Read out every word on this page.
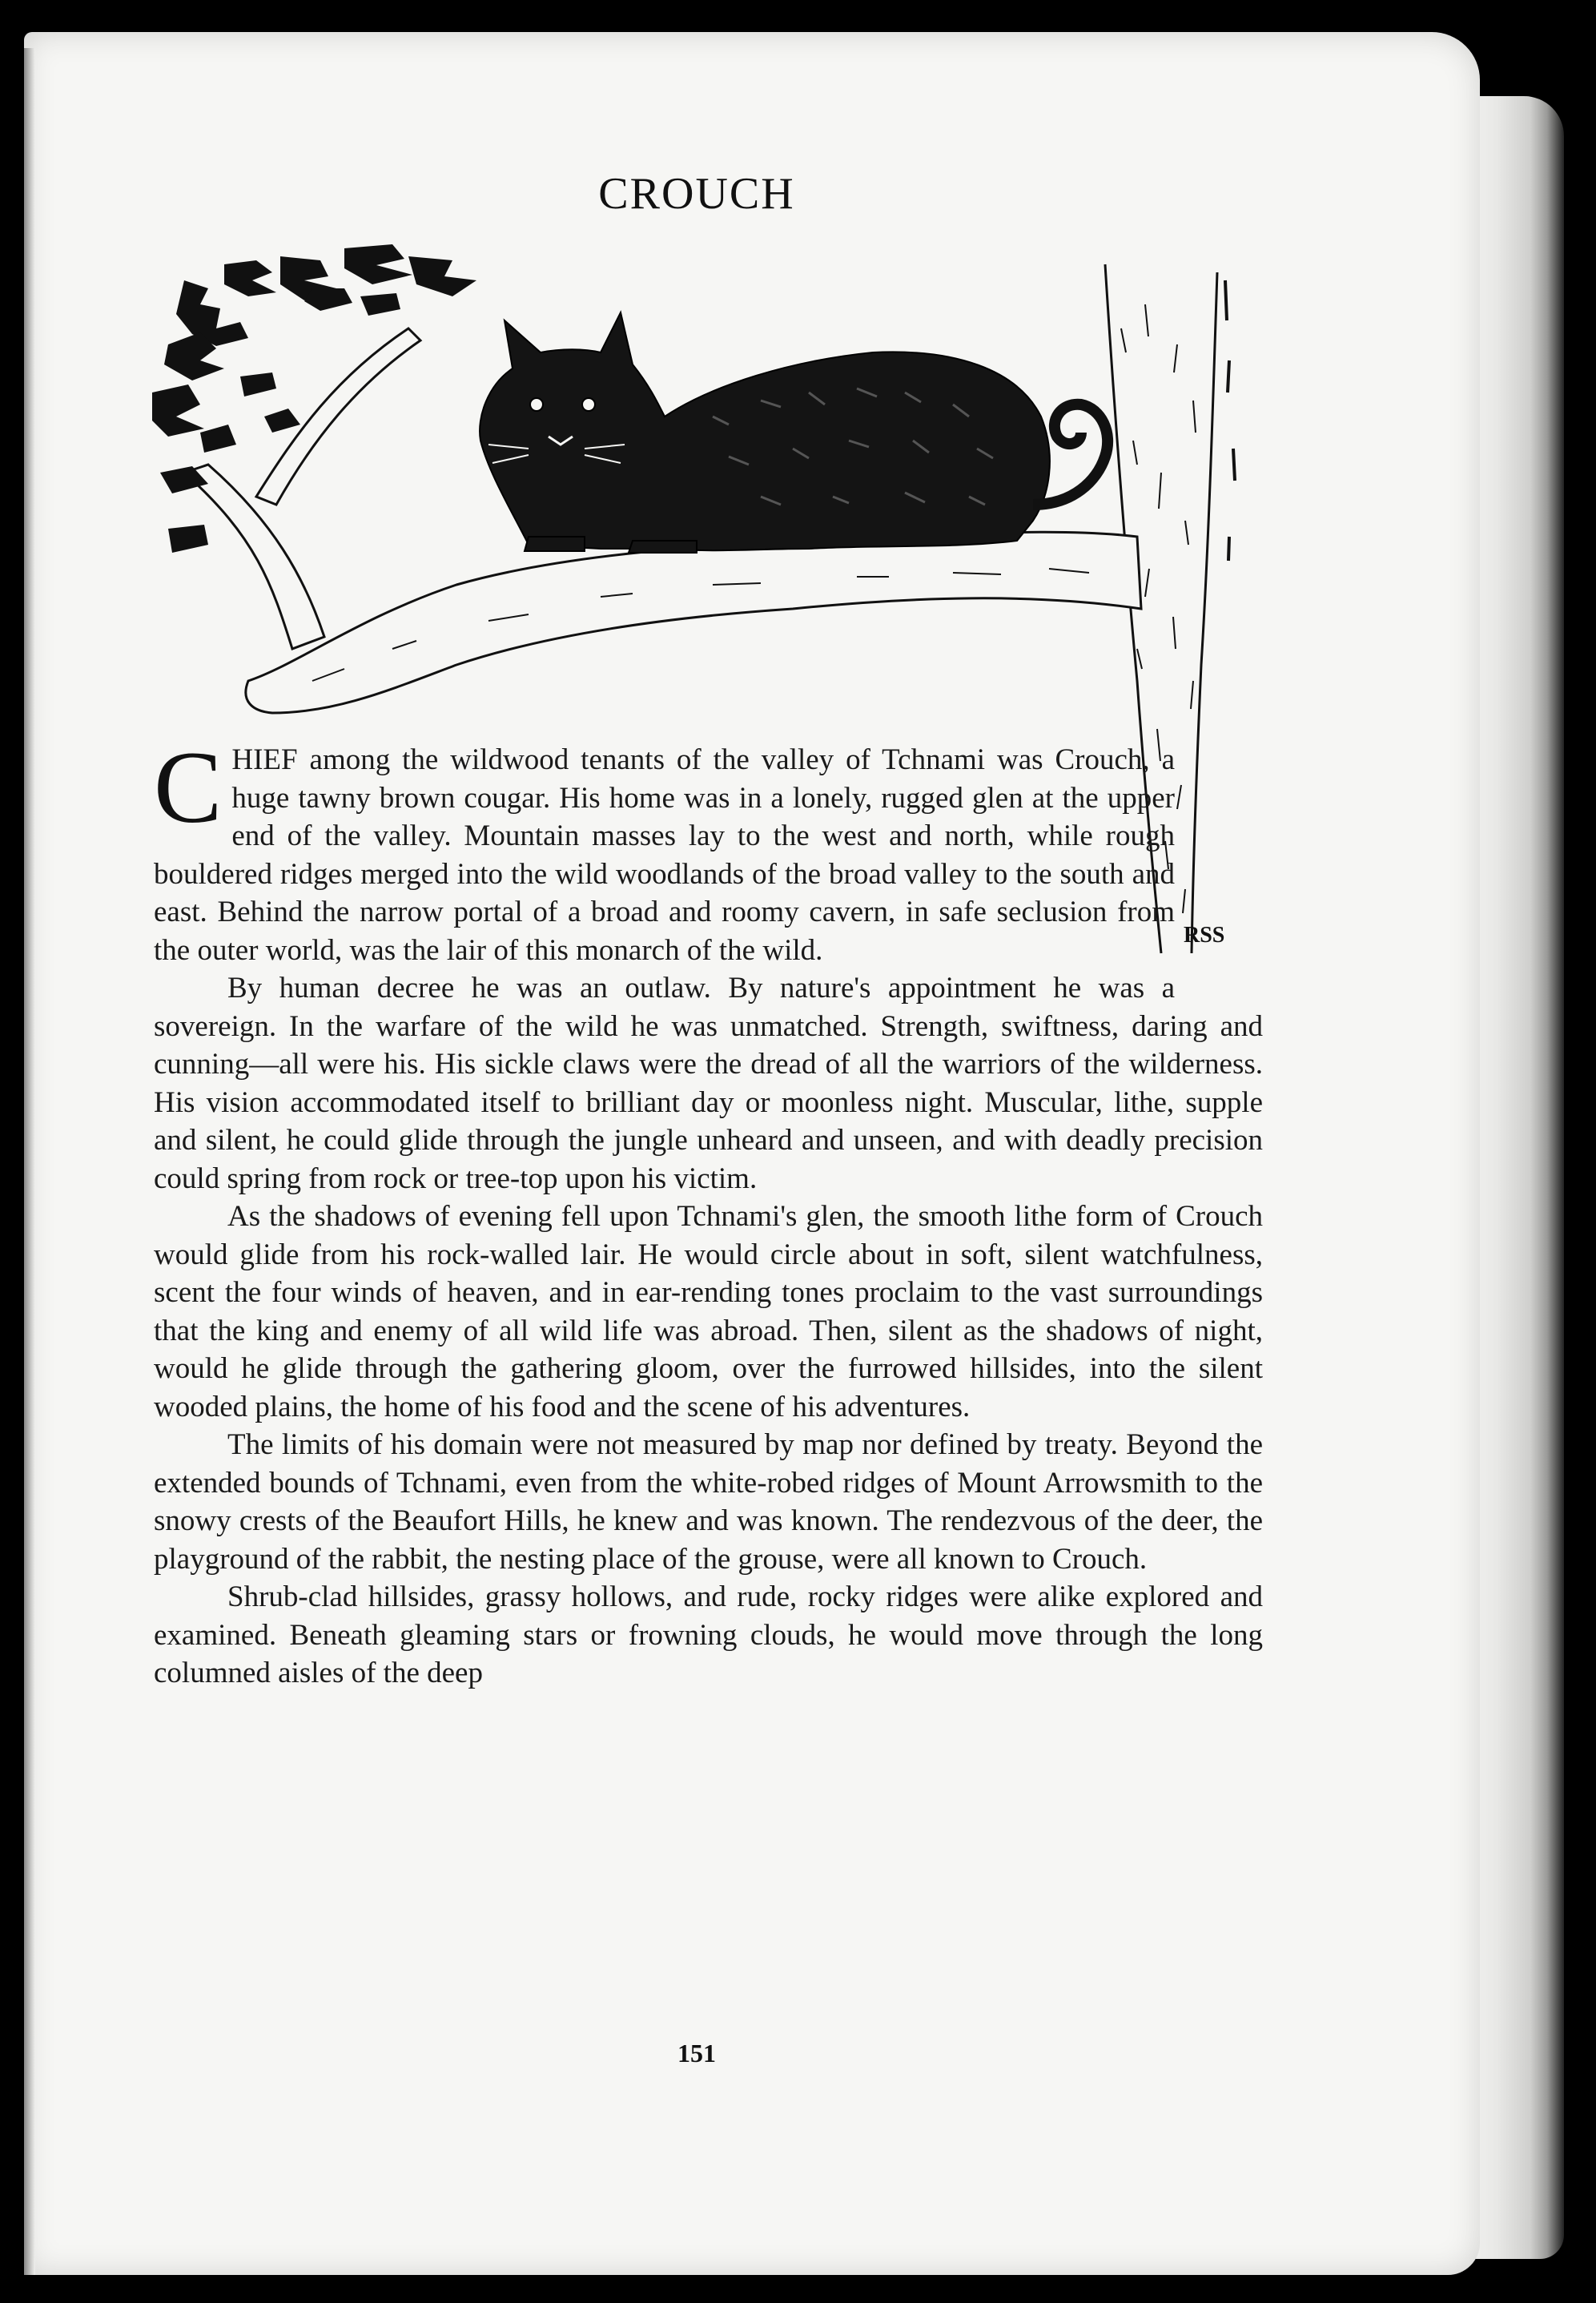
CROUCH
RSS
C HIEF among the wildwood tenants of the valley of Tchnami was Crouch, a huge tawny brown cougar. His home was in a lonely, rugged glen at the upper end of the valley. Mountain masses lay to the west and north, while rough bouldered ridges merged into the wild woodlands of the broad valley to the south and east. Behind the narrow portal of a broad and roomy cavern, in safe seclusion from the outer world, was the lair of this monarch of the wild.

By human decree he was an outlaw. By nature's appointment he was a sovereign. In the warfare of the wild he was unmatched. Strength, swiftness, daring and cunning—all were his. His sickle claws were the dread of all the warriors of the wilderness. His vision accommodated itself to brilliant day or moonless night. Muscular, lithe, supple and silent, he could glide through the jungle unheard and unseen, and with deadly precision could spring from rock or tree-top upon his victim.

As the shadows of evening fell upon Tchnami's glen, the smooth lithe form of Crouch would glide from his rock-walled lair. He would circle about in soft, silent watchfulness, scent the four winds of heaven, and in ear-rending tones proclaim to the vast surroundings that the king and enemy of all wild life was abroad. Then, silent as the shadows of night, would he glide through the gathering gloom, over the furrowed hillsides, into the silent wooded plains, the home of his food and the scene of his adventures.

The limits of his domain were not measured by map nor defined by treaty. Beyond the extended bounds of Tchnami, even from the white-robed ridges of Mount Arrowsmith to the snowy crests of the Beaufort Hills, he knew and was known. The rendezvous of the deer, the playground of the rabbit, the nesting place of the grouse, were all known to Crouch.

Shrub-clad hillsides, grassy hollows, and rude, rocky ridges were alike explored and examined. Beneath gleaming stars or frowning clouds, he would move through the long columned aisles of the deep

151
